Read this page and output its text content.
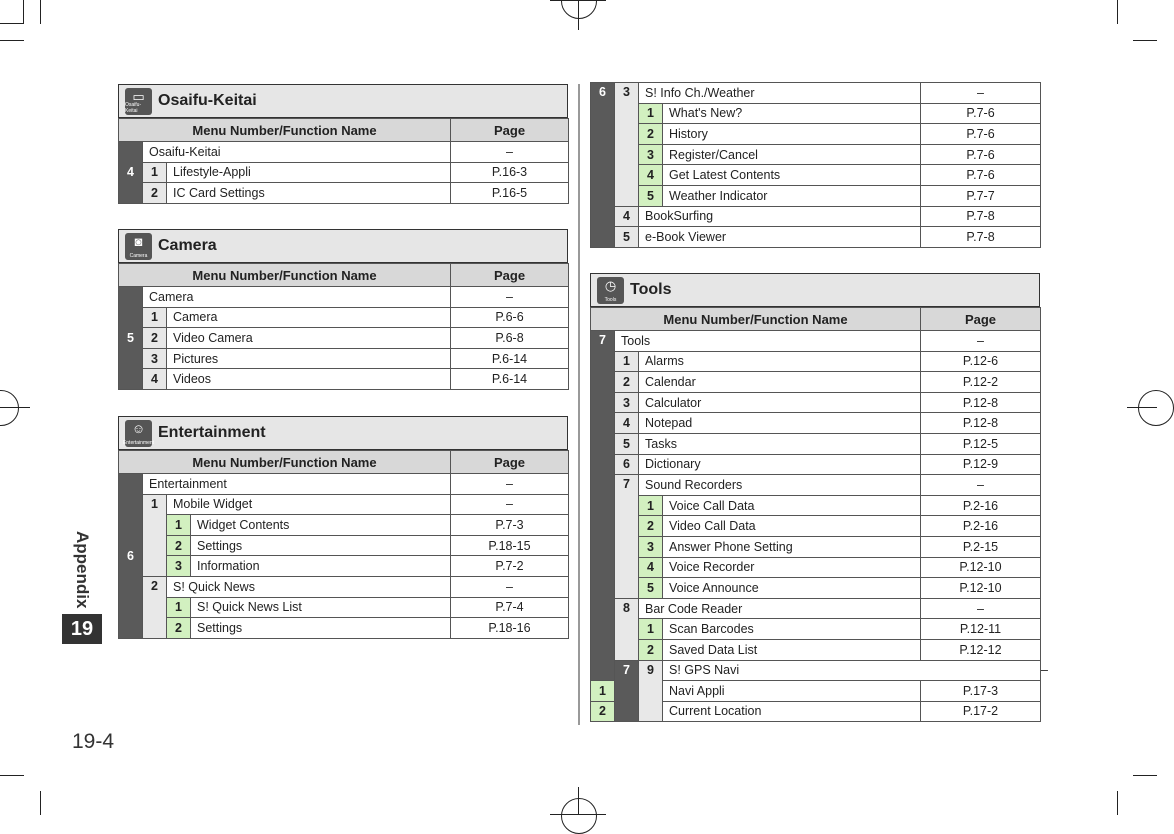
Appendix
19
19-4
▭
Osaifu-Keitai
Osaifu-Keitai
Menu Number/Function Name			Page
4	Osaifu-Keitai		–
	1	Lifestyle-Appli	P.16-3
	2	IC Card Settings	P.16-5
◙
Camera
Camera
Menu Number/Function Name			Page
5	Camera		–
	1	Camera	P.6-6
	2	Video Camera	P.6-8
	3	Pictures	P.6-14
	4	Videos	P.6-14
☺
Entertainment
Entertainment
Menu Number/Function Name				Page
6	Entertainment			–
	1	Mobile Widget		–
		1	Widget Contents	P.7-3
		2	Settings	P.18-15
		3	Information	P.7-2
	2	S! Quick News		–
		1	S! Quick News List	P.7-4
		2	Settings	P.18-16
6	3	S! Info Ch./Weather		–
		1	What's New?	P.7-6
		2	History	P.7-6
		3	Register/Cancel	P.7-6
		4	Get Latest Contents	P.7-6
		5	Weather Indicator	P.7-7
	4	BookSurfing		P.7-8
	5	e-Book Viewer		P.7-8
◷
Tools
Tools
Menu Number/Function Name				Page	
7	Tools			–	
	1	Alarms		P.12-6	
	2	Calendar		P.12-2	
	3	Calculator		P.12-8	
	4	Notepad		P.12-8	
	5	Tasks		P.12-5	
	6	Dictionary		P.12-9	
	7	Sound Recorders		–	
		1	Voice Call Data	P.2-16	
		2	Video Call Data	P.2-16	
		3	Answer Phone Setting	P.2-15	
		4	Voice Recorder	P.12-10	
		5	Voice Announce	P.12-10	
	8	Bar Code Reader		–	
		1	Scan Barcodes	P.12-11	
		2	Saved Data List	P.12-12	
	7	9	S! GPS Navi		–
1			Navi Appli	P.17-3	
2			Current Location	P.17-2	
